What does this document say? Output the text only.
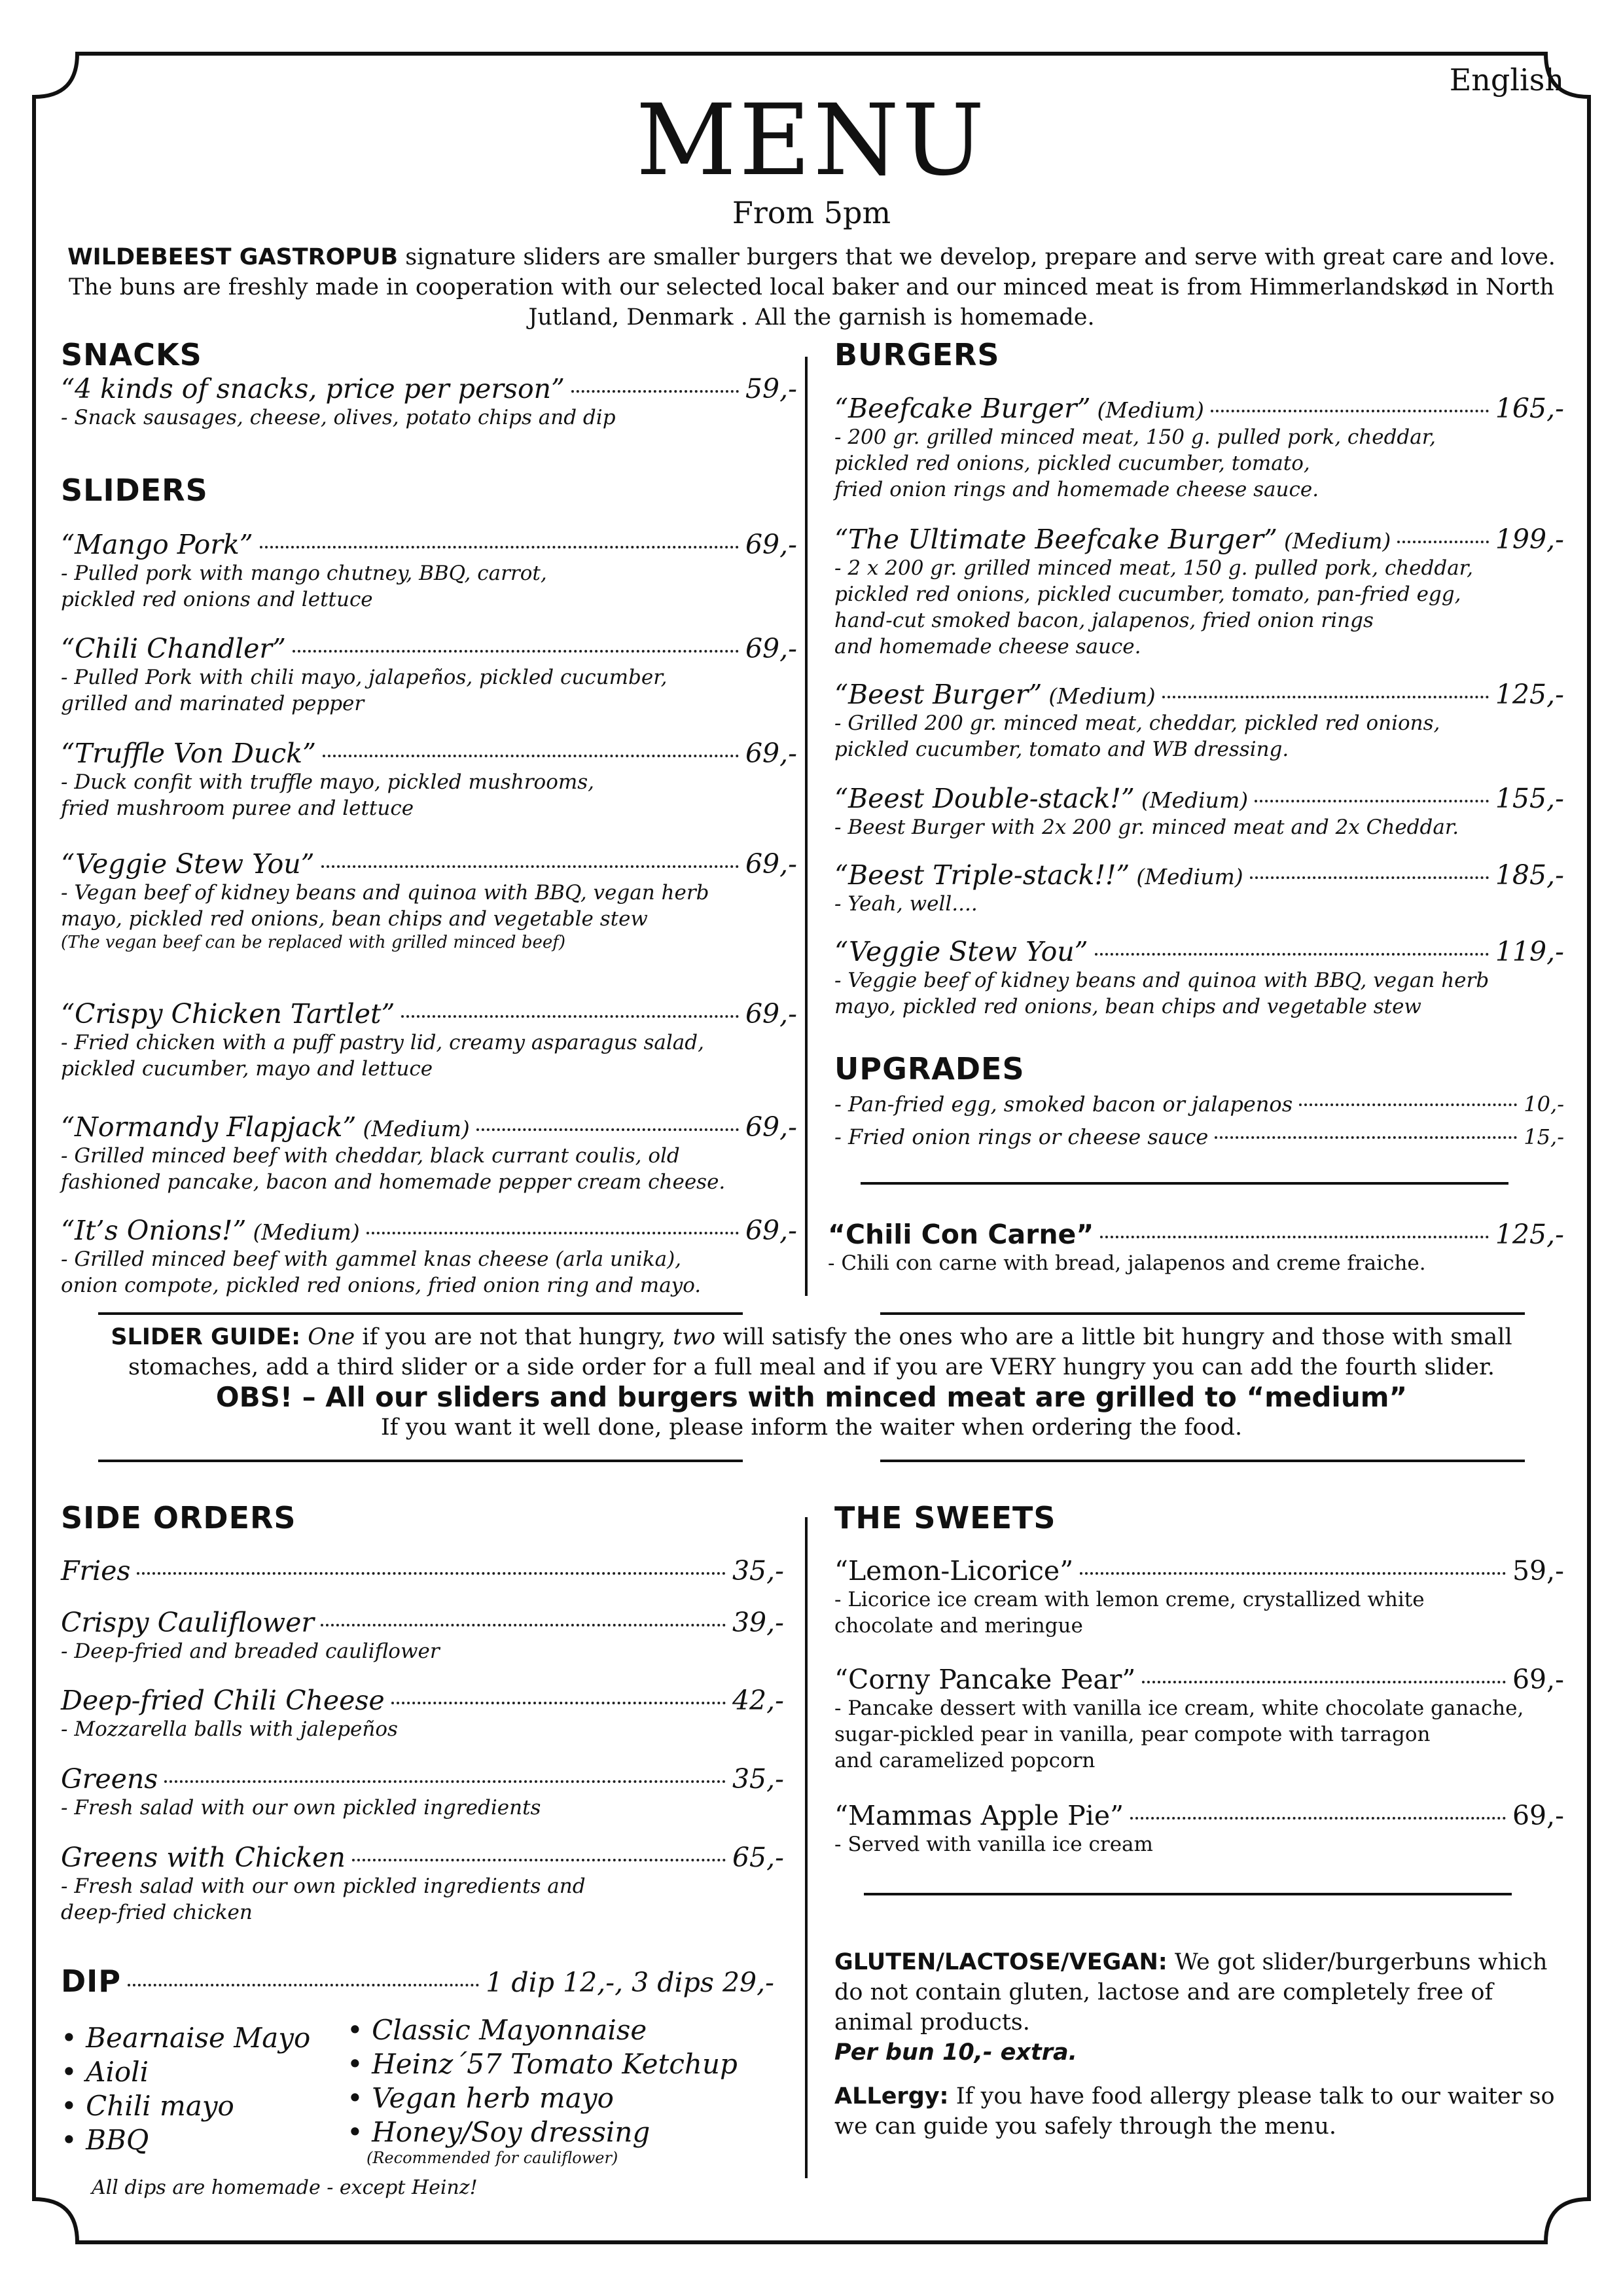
English
MENU
From 5pm
WILDEBEEST GASTROPUB signature sliders are smaller burgers that we develop, prepare and serve with great care and love. The buns are freshly made in cooperation with our selected local baker and our minced meat is from Himmerlandskød in North Jutland, Denmark . All the garnish is homemade.
SNACKS
“4 kinds of snacks, price per person”	59,-
- Snack sausages, cheese, olives, potato chips and dip
SLIDERS
“Mango Pork”	69,-
- Pulled pork with mango chutney, BBQ, carrot,
pickled red onions and lettuce
“Chili Chandler”	69,-
- Pulled Pork with chili mayo, jalapeños, pickled cucumber,
grilled and marinated pepper
“Truffle Von Duck”	69,-
- Duck confit with truffle mayo, pickled mushrooms,
fried mushroom puree and lettuce
“Veggie Stew You”	69,-
- Vegan beef of kidney beans and quinoa with BBQ, vegan herb
mayo, pickled red onions, bean chips and vegetable stew
(The vegan beef can be replaced with grilled minced beef)
“Crispy Chicken Tartlet”	69,-
- Fried chicken with a puff pastry lid, creamy asparagus salad,
pickled cucumber, mayo and lettuce
“Normandy Flapjack” (Medium)	69,-
- Grilled minced beef with cheddar, black currant coulis, old
fashioned pancake, bacon and homemade pepper cream cheese.
“It’s Onions!” (Medium)	69,-
- Grilled minced beef with gammel knas cheese (arla unika),
onion compote, pickled red onions, fried onion ring and mayo.
BURGERS
“Beefcake Burger” (Medium)	165,-
- 200 gr. grilled minced meat, 150 g. pulled pork, cheddar,
pickled red onions, pickled cucumber, tomato,
fried onion rings and homemade cheese sauce.
“The Ultimate Beefcake Burger” (Medium)	199,-
- 2 x 200 gr. grilled minced meat, 150 g. pulled pork, cheddar,
pickled red onions, pickled cucumber, tomato, pan-fried egg,
hand-cut smoked bacon, jalapenos, fried onion rings
and homemade cheese sauce.
“Beest Burger” (Medium)	125,-
- Grilled 200 gr. minced meat, cheddar, pickled red onions,
pickled cucumber, tomato and WB dressing.
“Beest Double-stack!” (Medium)	155,-
- Beest Burger with 2x 200 gr. minced meat and 2x Cheddar.
“Beest Triple-stack!!” (Medium)	185,-
- Yeah, well....
“Veggie Stew You”	119,-
- Veggie beef of kidney beans and quinoa with BBQ, vegan herb
mayo, pickled red onions, bean chips and vegetable stew
UPGRADES
- Pan-fried egg, smoked bacon or jalapenos	10,-
- Fried onion rings or cheese sauce	15,-
“Chili Con Carne”	125,-
- Chili con carne with bread, jalapenos and creme fraiche.
SLIDER GUIDE: One if you are not that hungry, two will satisfy the ones who are a little bit hungry and those with small stomaches, add a third slider or a side order for a full meal and if you are VERY hungry you can add the fourth slider.
OBS! – All our sliders and burgers with minced meat are grilled to “medium”
If you want it well done, please inform the waiter when ordering the food.
SIDE ORDERS
Fries	35,-
Crispy Cauliflower	39,-
- Deep-fried and breaded cauliflower
Deep-fried Chili Cheese	42,-
- Mozzarella balls with jalepeños
Greens	35,-
- Fresh salad with our own pickled ingredients
Greens with Chicken	65,-
- Fresh salad with our own pickled ingredients and
deep-fried chicken
DIP	1 dip 12,-, 3 dips 29,-
• Bearnaise Mayo
• Aioli
• Chili mayo
• BBQ
• Classic Mayonnaise
• Heinz´57 Tomato Ketchup
• Vegan herb mayo
• Honey/Soy dressing
(Recommended for cauliflower)
All dips are homemade - except Heinz!
THE SWEETS
“Lemon-Licorice”	59,-
- Licorice ice cream with lemon creme, crystallized white
chocolate and meringue
“Corny Pancake Pear”	69,-
- Pancake dessert with vanilla ice cream, white chocolate ganache,
sugar-pickled pear in vanilla, pear compote with tarragon
and caramelized popcorn
“Mammas Apple Pie”	69,-
- Served with vanilla ice cream
GLUTEN/LACTOSE/VEGAN: We got slider/burgerbuns which do not contain gluten, lactose and are completely free of animal products.
Per bun 10,- extra.
ALLergy: If you have food allergy please talk to our waiter so we can guide you safely through the menu.
